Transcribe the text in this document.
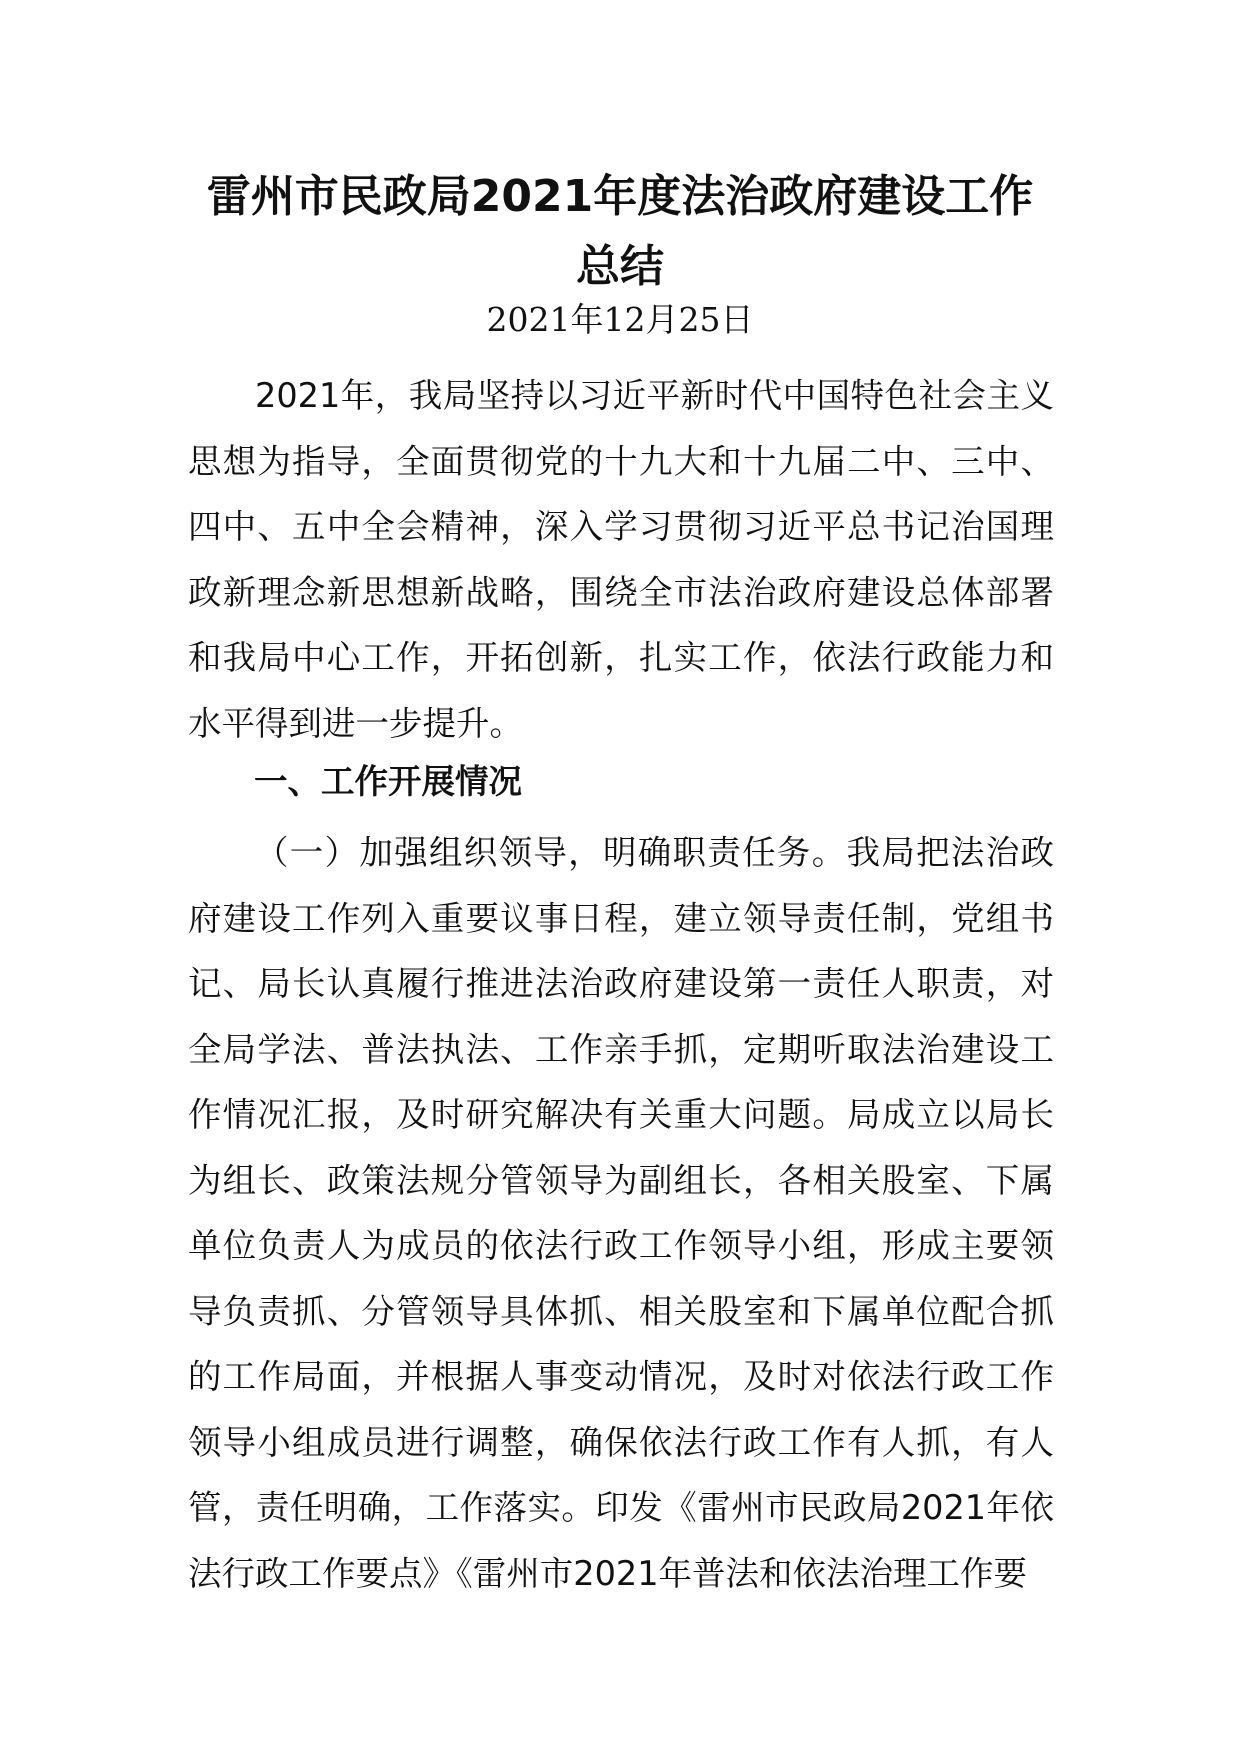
雷州市民政局2021年度法治政府建设工作总结
2021年12月25日

2021年，我局坚持以习近平新时代中国特色社会主义思想为指导，全面贯彻党的十九大和十九届二中、三中、四中、五中全会精神，深入学习贯彻习近平总书记治国理政新理念新思想新战略，围绕全市法治政府建设总体部署和我局中心工作，开拓创新，扎实工作，依法行政能力和水平得到进一步提升。

一、工作开展情况

（一）加强组织领导，明确职责任务。我局把法治政府建设工作列入重要议事日程，建立领导责任制，党组书记、局长认真履行推进法治政府建设第一责任人职责，对全局学法、普法执法、工作亲手抓，定期听取法治建设工作情况汇报，及时研究解决有关重大问题。局成立以局长为组长、政策法规分管领导为副组长，各相关股室、下属单位负责人为成员的依法行政工作领导小组，形成主要领导负责抓、分管领导具体抓、相关股室和下属单位配合抓的工作局面，并根据人事变动情况，及时对依法行政工作领导小组成员进行调整，确保依法行政工作有人抓，有人管，责任明确，工作落实。印发《雷州市民政局2021年依法行政工作要点》《雷州市2021年普法和依法治理工作要
